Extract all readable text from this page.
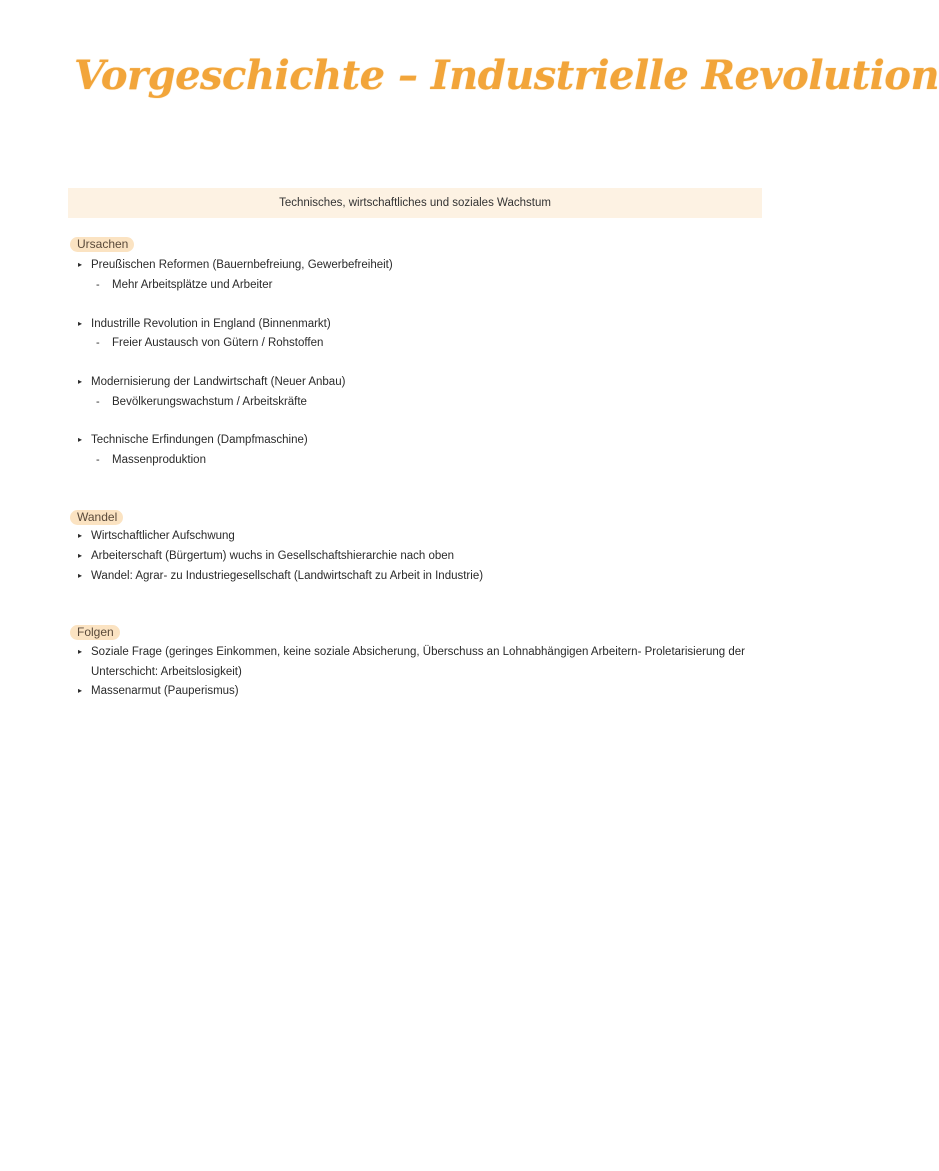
Vorgeschichte – Industrielle Revolution
Technisches, wirtschaftliches und soziales Wachstum
Ursachen
▸ Preußischen Reformen (Bauernbefreiung, Gewerbefreiheit)
- Mehr Arbeitsplätze und Arbeiter
▸ Industrille Revolution in England (Binnenmarkt)
- Freier Austausch von Gütern / Rohstoffen
▸ Modernisierung der Landwirtschaft (Neuer Anbau)
- Bevölkerungswachstum / Arbeitskräfte
▸ Technische Erfindungen (Dampfmaschine)
- Massenproduktion
Wandel
▸ Wirtschaftlicher Aufschwung
▸ Arbeiterschaft (Bürgertum) wuchs in Gesellschaftshierarchie nach oben
▸ Wandel: Agrar- zu Industriegesellschaft (Landwirtschaft zu Arbeit in Industrie)
Folgen
▸ Soziale Frage (geringes Einkommen, keine soziale Absicherung, Überschuss an Lohnabhängigen Arbeitern- Proletarisierung der
Unterschicht: Arbeitslosigkeit)
▸ Massenarmut (Pauperismus)
